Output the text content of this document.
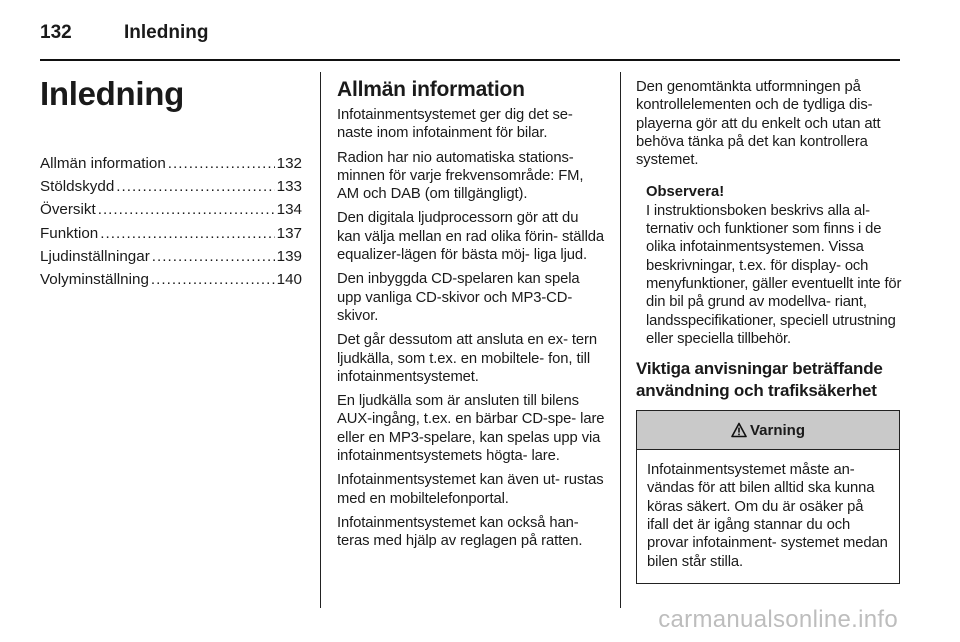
132	Inledning
Inledning
Allmän information . . .	132
Stöldskydd . . .	133
Översikt . . .	134
Funktion . . .	137
Ljudinställningar . . .	139
Volyminställning . . .	140
Allmän information

Infotainmentsystemet ger dig det se- naste inom infotainment för bilar.

Radion har nio automatiska stations- minnen för varje frekvensområde: FM, AM och DAB (om tillgängligt).

Den digitala ljudprocessorn gör att du kan välja mellan en rad olika förin- ställda equalizer-lägen för bästa möj- liga ljud.

Den inbyggda CD-spelaren kan spela upp vanliga CD-skivor och MP3-CD- skivor.

Det går dessutom att ansluta en ex- tern ljudkälla, som t.ex. en mobiltele- fon, till infotainmentsystemet.

En ljudkälla som är ansluten till bilens AUX-ingång, t.ex. en bärbar CD-spe- lare eller en MP3-spelare, kan spelas upp via infotainmentsystemets högta- lare.

Infotainmentsystemet kan även ut- rustas med en mobiltelefonportal.

Infotainmentsystemet kan också han- teras med hjälp av reglagen på ratten.

Den genomtänkta utformningen på kontrollelementen och de tydliga dis- playerna gör att du enkelt och utan att behöva tänka på det kan kontrollera systemet.

Observera!
I instruktionsboken beskrivs alla al- ternativ och funktioner som finns i de olika infotainmentsystemen. Vissa beskrivningar, t.ex. för display- och menyfunktioner, gäller eventuellt inte för din bil på grund av modellva- riant, landsspecifikationer, speciell utrustning eller speciella tillbehör.
Viktiga anvisningar beträffande användning och trafiksäkerhet
Varning
Infotainmentsystemet måste an- vändas för att bilen alltid ska kunna köras säkert. Om du är osäker på ifall det är igång stannar du och provar infotainment- systemet medan bilen står stilla.
carmanualsonline.info
